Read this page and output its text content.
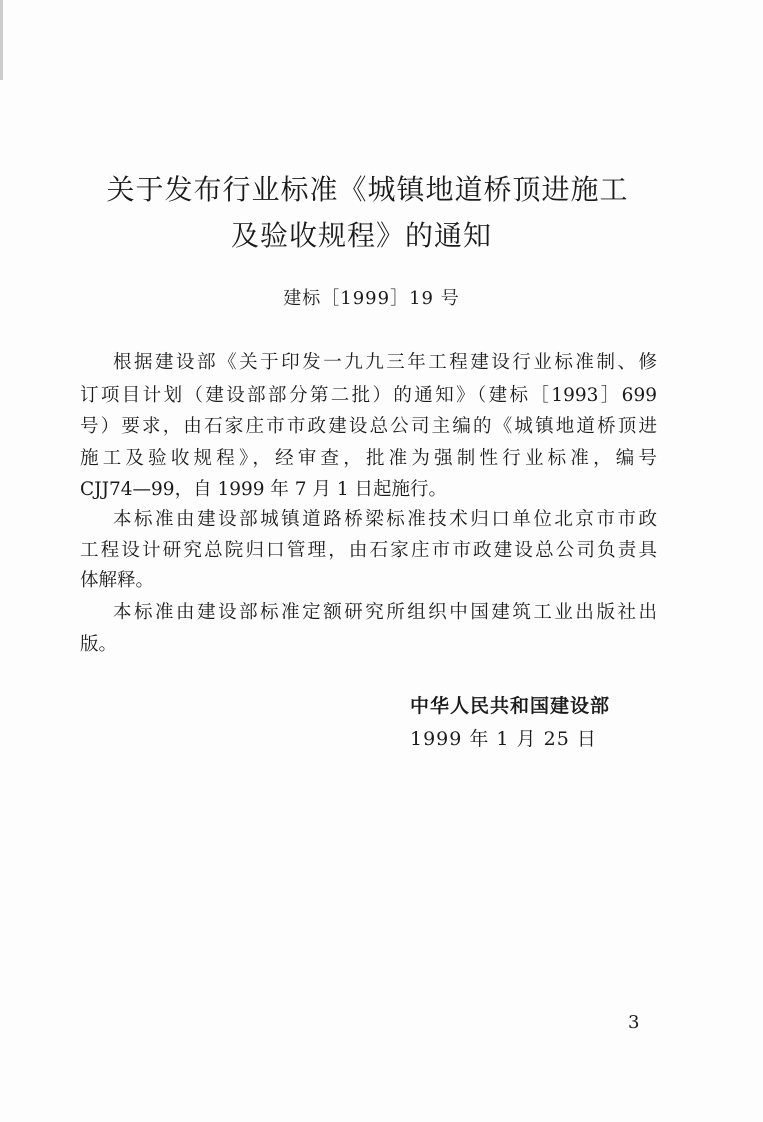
关于发布行业标准《城镇地道桥顶进施工
及验收规程》的通知
建标［1999］19 号
根据建设部《关于印发一九九三年工程建设行业标准制、修
订项目计划（建设部部分第二批）的通知》（建标［1993］699
号）要求，由石家庄市市政建设总公司主编的《城镇地道桥顶进
施工及验收规程》，经审查，批准为强制性行业标准，编号
CJJ74—99，自 1999 年 7 月 1 日起施行。
本标准由建设部城镇道路桥梁标准技术归口单位北京市市政
工程设计研究总院归口管理，由石家庄市市政建设总公司负责具
体解释。
本标准由建设部标准定额研究所组织中国建筑工业出版社出
版。
中华人民共和国建设部
1999 年 1 月 25 日
3
